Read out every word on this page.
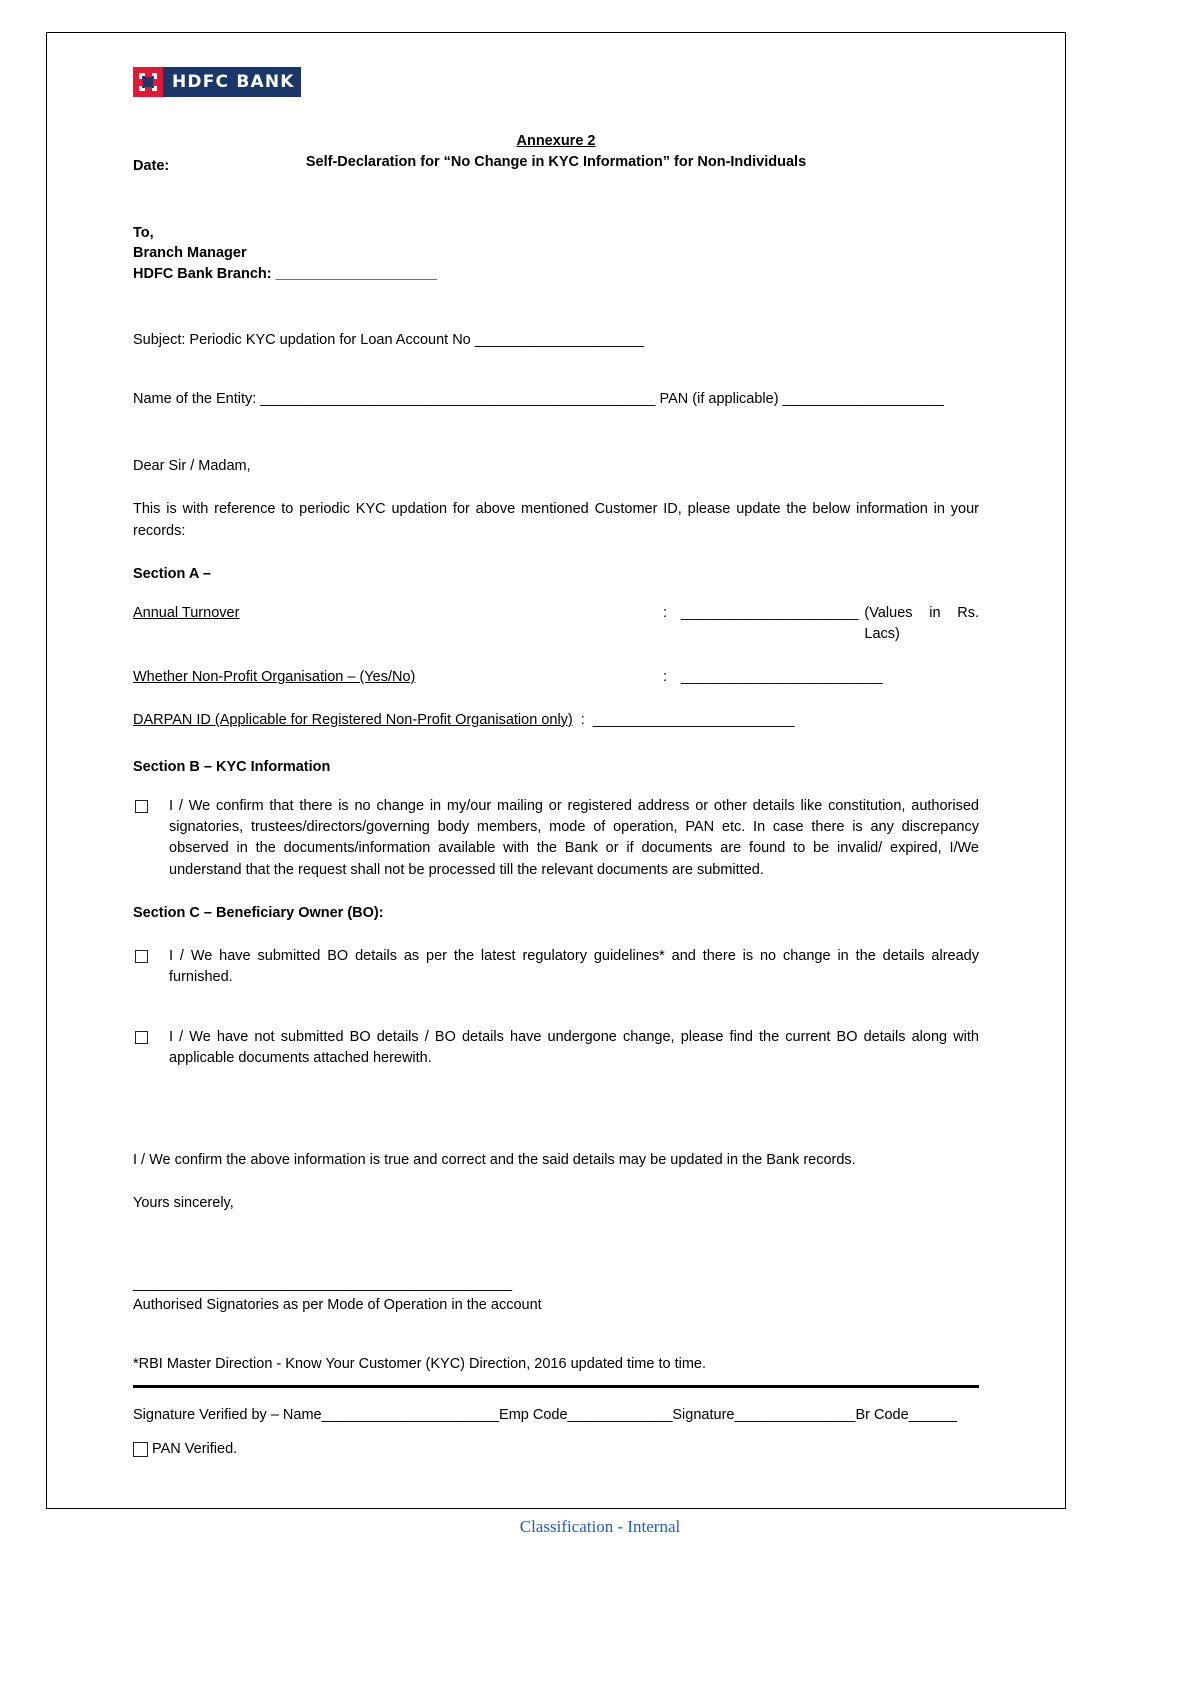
HDFC BANK
Annexure 2
Self-Declaration for “No Change in KYC Information” for Non-Individuals
Date:
To,
Branch Manager
HDFC Bank Branch: ____________________
Subject: Periodic KYC updation for Loan Account No _____________________
Name of the Entity: _________________________________________________ PAN (if applicable) ____________________
Dear Sir / Madam,
This is with reference to periodic KYC updation for above mentioned Customer ID, please update the below information in your records:
Section A –
Annual Turnover	: ______________________ (Values in Rs. Lacs)
Whether Non-Profit Organisation – (Yes/No)	: _________________________
DARPAN ID (Applicable for Registered Non-Profit Organisation only) : _________________________
Section B – KYC Information
I / We confirm that there is no change in my/our mailing or registered address or other details like constitution, authorised signatories, trustees/directors/governing body members, mode of operation, PAN etc. In case there is any discrepancy observed in the documents/information available with the Bank or if documents are found to be invalid/ expired, I/We understand that the request shall not be processed till the relevant documents are submitted.
Section C – Beneficiary Owner (BO):
I / We have submitted BO details as per the latest regulatory guidelines* and there is no change in the details already furnished.
I / We have not submitted BO details / BO details have undergone change, please find the current BO details along with applicable documents attached herewith.
I / We confirm the above information is true and correct and the said details may be updated in the Bank records.
Yours sincerely,
_______________________________________________
Authorised Signatories as per Mode of Operation in the account
*RBI Master Direction - Know Your Customer (KYC) Direction, 2016 updated time to time.
Signature Verified by – Name______________________Emp Code_____________Signature_______________Br Code______
PAN Verified.
Classification - Internal
